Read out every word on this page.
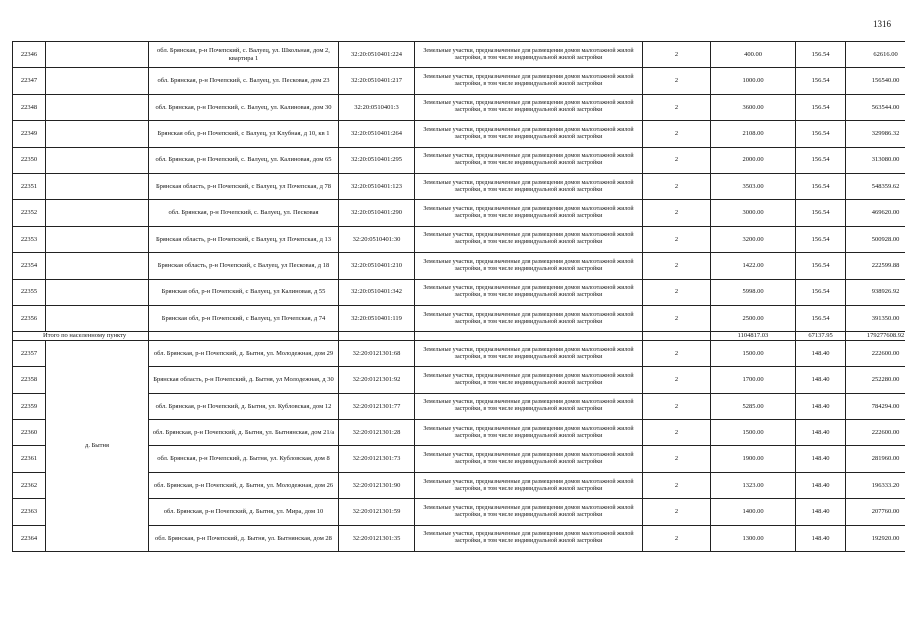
1316
22346		обл. Брянская, р-н Почепский, с. Валуец, ул. Школьная, дом 2, квартира 1	32:20:0510401:224	Земельные участки, предназначенные для размещения домов малоэтажной жилой застройки, в том числе индивидуальной жилой застройки	2	400.00	156.54	62616.00
22347		обл. Брянская, р-н Почепский, с. Валуец, ул. Песковая, дом 23	32:20:0510401:217	Земельные участки, предназначенные для размещения домов малоэтажной жилой застройки, в том числе индивидуальной жилой застройки	2	1000.00	156.54	156540.00
22348		обл. Брянская, р-н Почепский, с. Валуец, ул. Калиновая, дом 30	32:20:0510401:3	Земельные участки, предназначенные для размещения домов малоэтажной жилой застройки, в том числе индивидуальной жилой застройки	2	3600.00	156.54	563544.00
22349		Брянская обл, р-н Почепский, с Валуец, ул Клубная, д 10, кв 1	32:20:0510401:264	Земельные участки, предназначенные для размещения домов малоэтажной жилой застройки, в том числе индивидуальной жилой застройки	2	2108.00	156.54	329986.32
22350		обл. Брянская, р-н Почепский, с. Валуец, ул. Калиновая, дом 65	32:20:0510401:295	Земельные участки, предназначенные для размещения домов малоэтажной жилой застройки, в том числе индивидуальной жилой застройки	2	2000.00	156.54	313080.00
22351		Брянская область, р-н Почепский, с Валуец, ул Почепская, д 78	32:20:0510401:123	Земельные участки, предназначенные для размещения домов малоэтажной жилой застройки, в том числе индивидуальной жилой застройки	2	3503.00	156.54	548359.62
22352		обл. Брянская, р-н Почепский, с. Валуец, ул. Песковая	32:20:0510401:290	Земельные участки, предназначенные для размещения домов малоэтажной жилой застройки, в том числе индивидуальной жилой застройки	2	3000.00	156.54	469620.00
22353		Брянская область, р-н Почепский, с Валуец, ул Почепская, д 13	32:20:0510401:30	Земельные участки, предназначенные для размещения домов малоэтажной жилой застройки, в том числе индивидуальной жилой застройки	2	3200.00	156.54	500928.00
22354		Брянская область, р-н Почепский, с Валуец, ул Песковая, д 18	32:20:0510401:210	Земельные участки, предназначенные для размещения домов малоэтажной жилой застройки, в том числе индивидуальной жилой застройки	2	1422.00	156.54	222599.88
22355		Брянская обл, р-н Почепский, с Валуец, ул Калиновая, д 55	32:20:0510401:342	Земельные участки, предназначенные для размещения домов малоэтажной жилой застройки, в том числе индивидуальной жилой застройки	2	5998.00	156.54	938926.92
22356		Брянская обл, р-н Почепский, с Валуец, ул Почепская, д 74	32:20:0510401:119	Земельные участки, предназначенные для размещения домов малоэтажной жилой застройки, в том числе индивидуальной жилой застройки	2	2500.00	156.54	391350.00
Итого по населенному пункту						1104817.03	67137.95	179277608.92
22357	д. Бытня	обл. Брянская, р-н Почепский, д. Бытня, ул. Молодежная, дом 29	32:20:0121301:68	Земельные участки, предназначенные для размещения домов малоэтажной жилой застройки, в том числе индивидуальной жилой застройки	2	1500.00	148.40	222600.00
22358		Брянская область, р-н Почепский, д. Бытня, ул Молодежная, д 30	32:20:0121301:92	Земельные участки, предназначенные для размещения домов малоэтажной жилой застройки, в том числе индивидуальной жилой застройки	2	1700.00	148.40	252280.00
22359		обл. Брянская, р-н Почепский, д. Бытня, ул. Кубловская, дом 12	32:20:0121301:77	Земельные участки, предназначенные для размещения домов малоэтажной жилой застройки, в том числе индивидуальной жилой застройки	2	5285.00	148.40	784294.00
22360		обл. Брянская, р-н Почепский, д. Бытня, ул. Бытнянская, дом 21/а	32:20:0121301:28	Земельные участки, предназначенные для размещения домов малоэтажной жилой застройки, в том числе индивидуальной жилой застройки	2	1500.00	148.40	222600.00
22361		обл. Брянская, р-н Почепский, д. Бытня, ул. Кубловская, дом 8	32:20:0121301:73	Земельные участки, предназначенные для размещения домов малоэтажной жилой застройки, в том числе индивидуальной жилой застройки	2	1900.00	148.40	281960.00
22362		обл. Брянская, р-н Почепский, д. Бытня, ул. Молодежная, дом 26	32:20:0121301:90	Земельные участки, предназначенные для размещения домов малоэтажной жилой застройки, в том числе индивидуальной жилой застройки	2	1323.00	148.40	196333.20
22363		обл. Брянская, р-н Почепский, д. Бытня, ул. Мира, дом 10	32:20:0121301:59	Земельные участки, предназначенные для размещения домов малоэтажной жилой застройки, в том числе индивидуальной жилой застройки	2	1400.00	148.40	207760.00
22364		обл. Брянская, р-н Почепский, д. Бытня, ул. Бытнянская, дом 28	32:20:0121301:35	Земельные участки, предназначенные для размещения домов малоэтажной жилой застройки, в том числе индивидуальной жилой застройки	2	1300.00	148.40	192920.00
